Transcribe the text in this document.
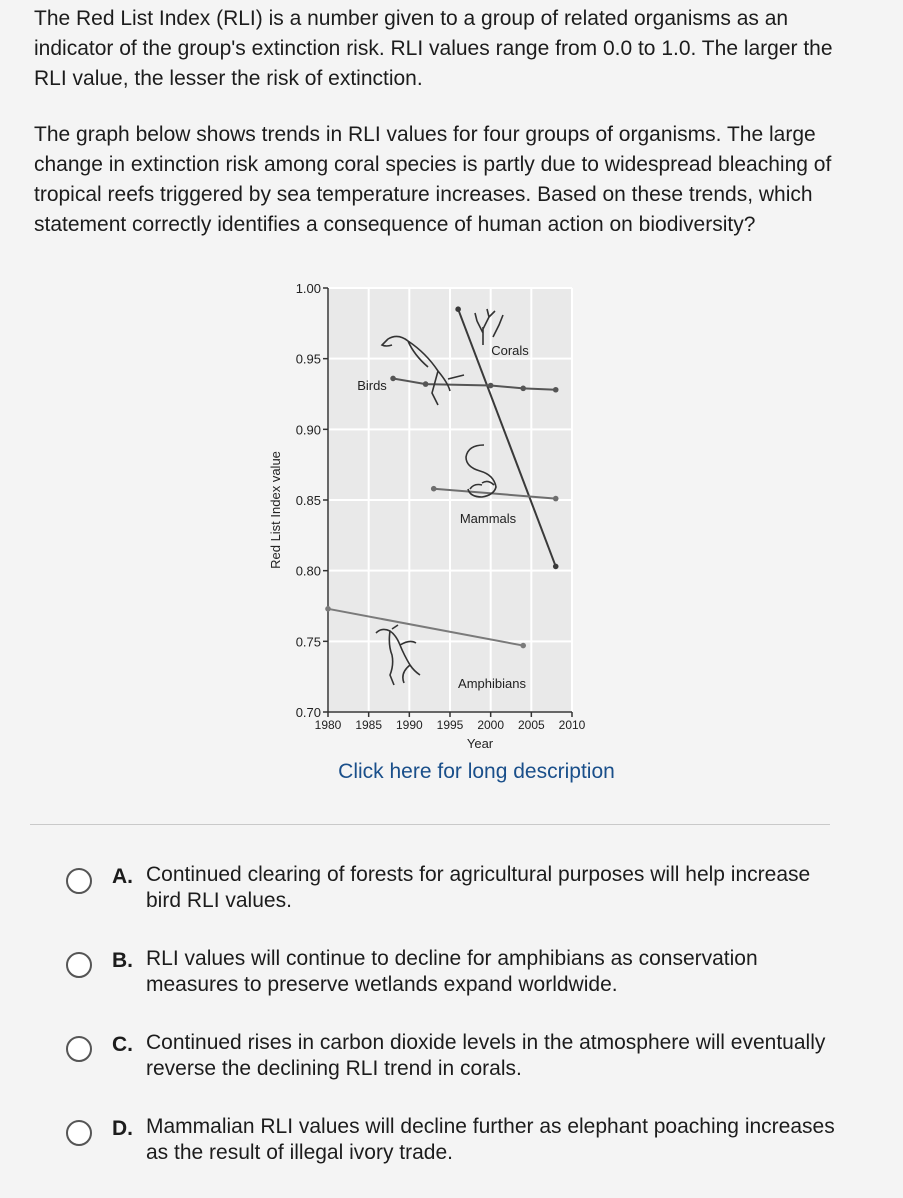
The Red List Index (RLI) is a number given to a group of related organisms as an indicator of the group's extinction risk. RLI values range from 0.0 to 1.0. The larger the RLI value, the lesser the risk of extinction.

The graph below shows trends in RLI values for four groups of organisms. The large change in extinction risk among coral species is partly due to widespread bleaching of tropical reefs triggered by sea temperature increases. Based on these trends, which statement correctly identifies a consequence of human action on biodiversity?

0.70
0.75
0.80
0.85
0.90
0.95
1.00
1980 1985 1990 1995 2000 2005 2010
Year
Red List Index value
Corals
Birds
Mammals
Amphibians
Click here for long description
A. Continued clearing of forests for agricultural purposes will help increase bird RLI values.
B. RLI values will continue to decline for amphibians as conservation measures to preserve wetlands expand worldwide.
C. Continued rises in carbon dioxide levels in the atmosphere will eventually reverse the declining RLI trend in corals.
D. Mammalian RLI values will decline further as elephant poaching increases as the result of illegal ivory trade.
